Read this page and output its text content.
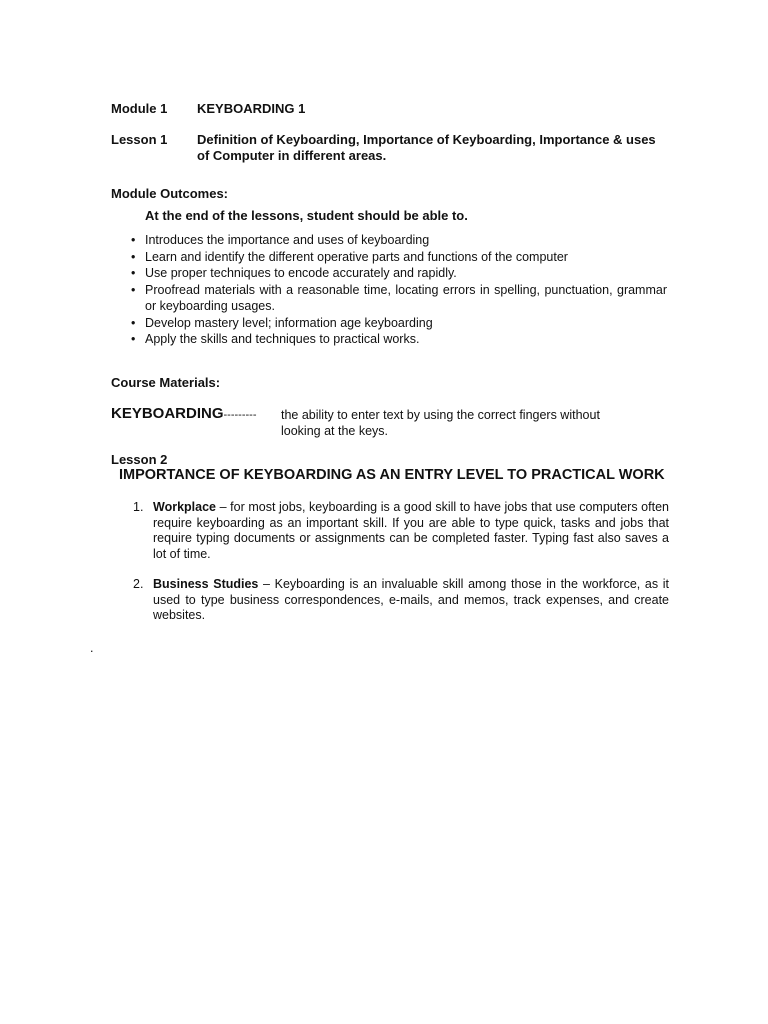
Module 1	KEYBOARDING 1
Lesson 1	Definition of Keyboarding, Importance of Keyboarding, Importance & uses of Computer in different areas.
Module Outcomes:
At the end of the lessons, student should be able to.
• Introduces the importance and uses of keyboarding
• Learn and identify the different operative parts and functions of the computer
• Use proper techniques to encode accurately and rapidly.
• Proofread materials with a reasonable time, locating errors in spelling, punctuation, grammar or keyboarding usages.
• Develop mastery level; information age keyboarding
• Apply the skills and techniques to practical works.
Course Materials:
KEYBOARDING--------- the ability to enter text by using the correct fingers without looking at the keys.
Lesson 2
IMPORTANCE OF KEYBOARDING AS AN ENTRY LEVEL TO PRACTICAL WORK
1. Workplace – for most jobs, keyboarding is a good skill to have jobs that use computers often require keyboarding as an important skill. If you are able to type quick, tasks and jobs that require typing documents or assignments can be completed faster. Typing fast also saves a lot of time.
2. Business Studies – Keyboarding is an invaluable skill among those in the workforce, as it used to type business correspondences, e-mails, and memos, track expenses, and create websites.
.
